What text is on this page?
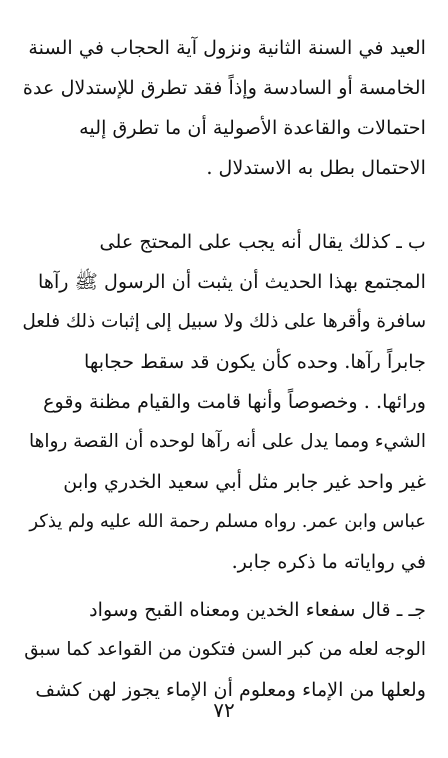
العيد في السنة الثانية ونزول آية الحجاب في السنة
الخامسة أو السادسة وإذاً فقد تطرق للإستدلال عدة
احتمالات والقاعدة الأصولية أن ما تطرق إليه
الاحتمال بطل به الاستدلال .
ب ـ كذلك يقال أنه يجب على المحتج على
المجتمع بهذا الحديث أن يثبت أن الرسول ﷺ رآها
سافرة وأقرها على ذلك ولا سبيل إلى إثبات ذلك فلعل
جابراً رآها. وحده كأن يكون قد سقط حجابها
ورائها. . وخصوصاً وأنها قامت والقيام مظنة وقوع
الشيء ومما يدل على أنه رآها لوحده أن القصة رواها
غير واحد غير جابر مثل أبي سعيد الخدري وابن
عباس وابن عمر. رواه مسلم رحمة الله عليه ولم يذكر
في رواياته ما ذكره جابر.
جـ ـ قال سفعاء الخدين ومعناه القبح وسواد
الوجه لعله من كبر السن فتكون من القواعد كما سبق
ولعلها من الإماء ومعلوم أن الإماء يجوز لهن كشف
٧٢
